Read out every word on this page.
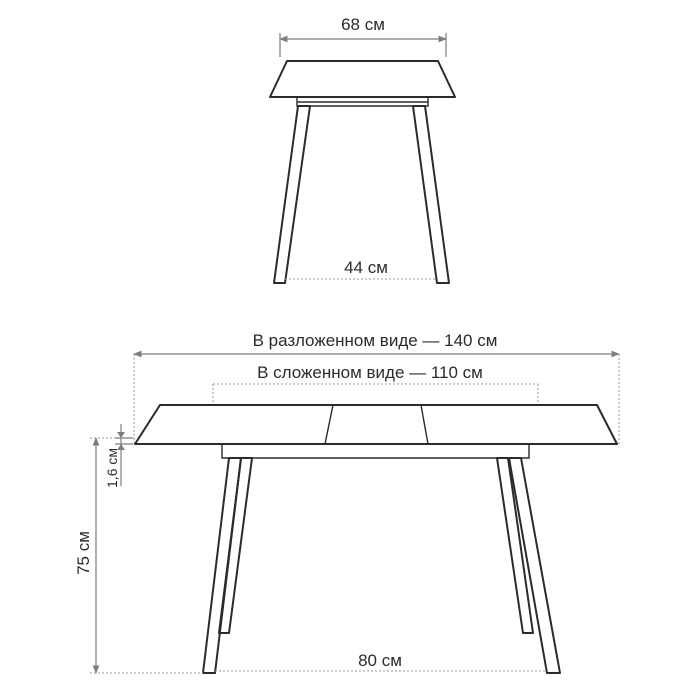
68 см
44 см
В разложенном виде — 140 см
В сложенном виде — 110 см
80 см
75 см
1,6 см
